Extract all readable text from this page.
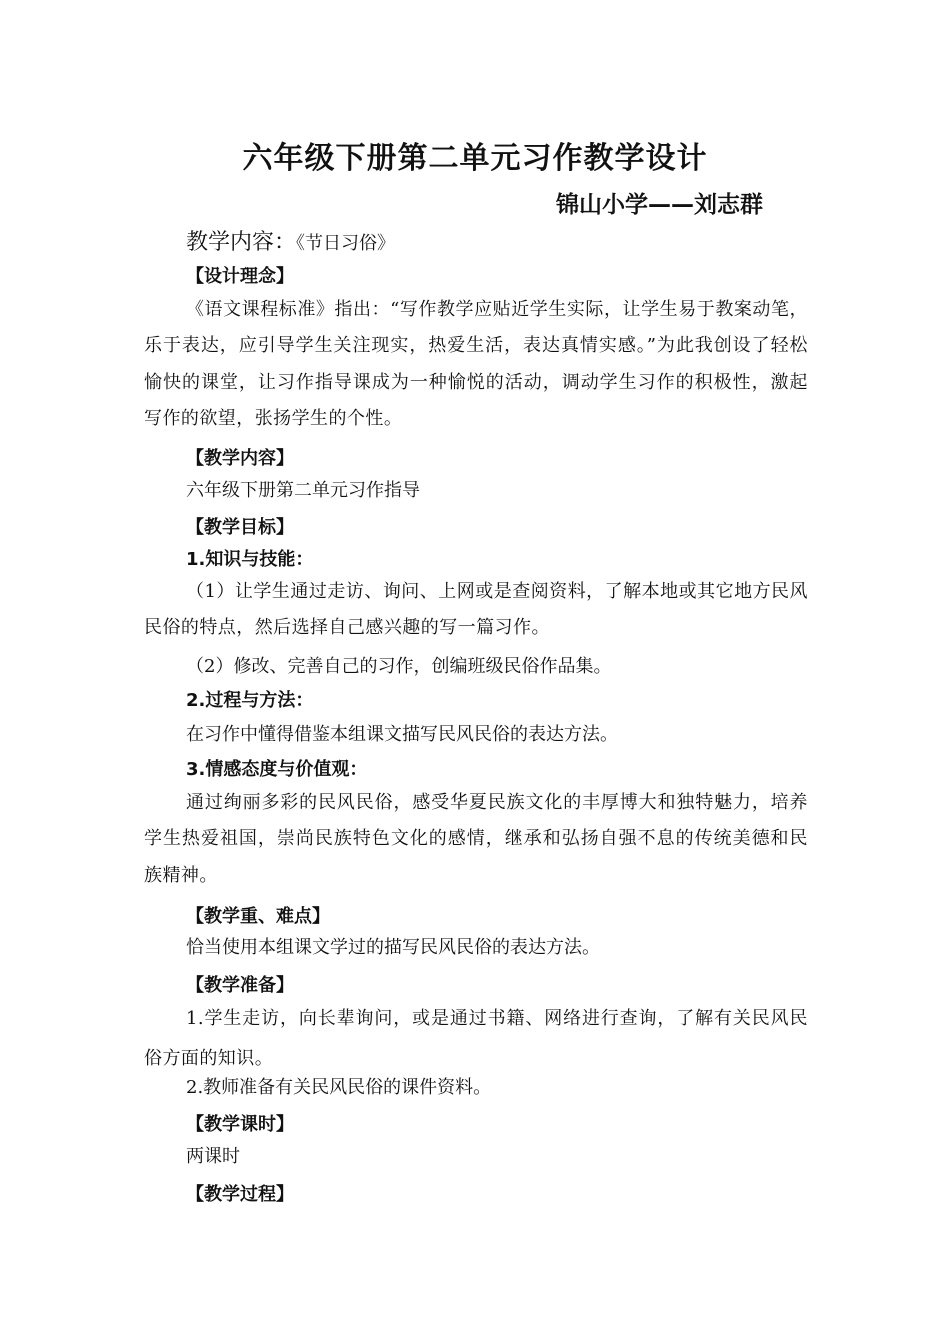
六年级下册第二单元习作教学设计
锦山小学——刘志群
教学内容：《节日习俗》
【设计理念】
《语文课程标准》指出：“写作教学应贴近学生实际，让学生易于教案动笔，乐于表达，应引导学生关注现实，热爱生活，表达真情实感。”为此我创设了轻松愉快的课堂，让习作指导课成为一种愉悦的活动，调动学生习作的积极性，激起写作的欲望，张扬学生的个性。
【教学内容】
六年级下册第二单元习作指导
【教学目标】
1.知识与技能：
（1）让学生通过走访、询问、上网或是查阅资料，了解本地或其它地方民风民俗的特点，然后选择自己感兴趣的写一篇习作。
（2）修改、完善自己的习作，创编班级民俗作品集。
2.过程与方法：
在习作中懂得借鉴本组课文描写民风民俗的表达方法。
3.情感态度与价值观：
通过绚丽多彩的民风民俗，感受华夏民族文化的丰厚博大和独特魅力，培养学生热爱祖国，崇尚民族特色文化的感情，继承和弘扬自强不息的传统美德和民族精神。
【教学重、难点】
恰当使用本组课文学过的描写民风民俗的表达方法。
【教学准备】
1.学生走访，向长辈询问，或是通过书籍、网络进行查询，了解有关民风民俗方面的知识。
2.教师准备有关民风民俗的课件资料。
【教学课时】
两课时
【教学过程】
